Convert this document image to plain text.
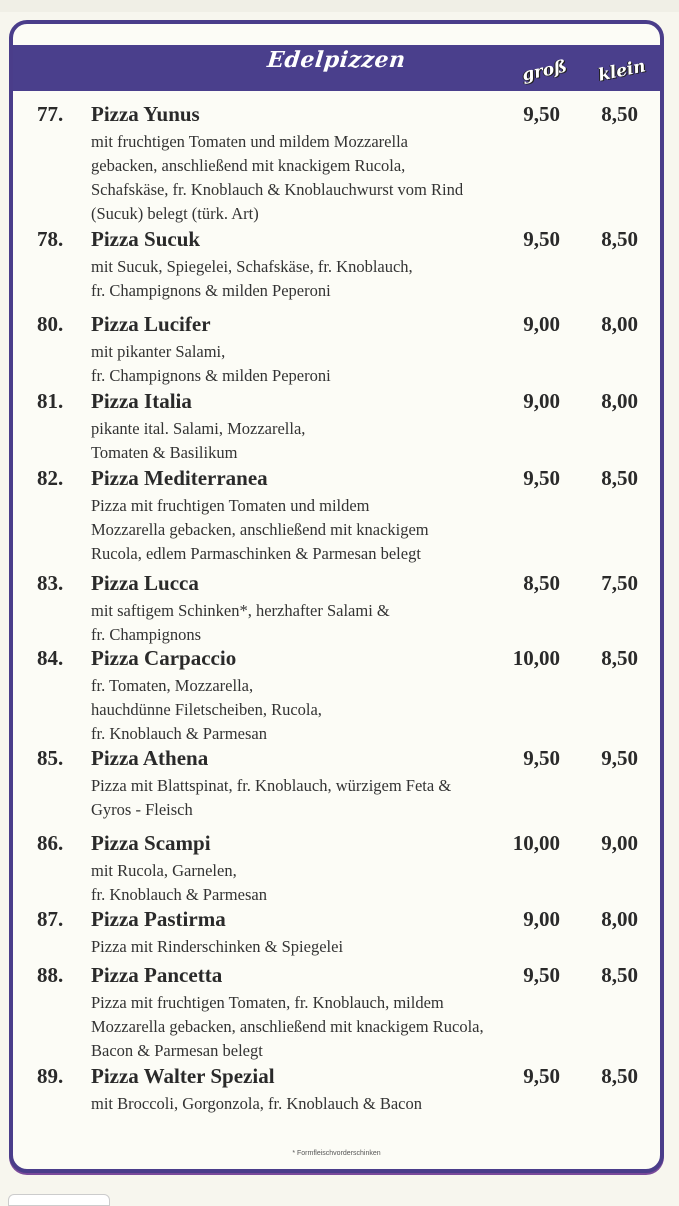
Edelpizzen	groß klein
77. Pizza Yunus	9,50 8,50
mit fruchtigen Tomaten und mildem Mozzarella
gebacken, anschließend mit knackigem Rucola,
Schafskäse, fr. Knoblauch & Knoblauchwurst vom Rind
(Sucuk) belegt (türk. Art)
78. Pizza Sucuk	9,50 8,50
mit Sucuk, Spiegelei, Schafskäse, fr. Knoblauch,
fr. Champignons & milden Peperoni
80. Pizza Lucifer	9,00 8,00
mit pikanter Salami,
fr. Champignons & milden Peperoni
81. Pizza Italia	9,00 8,00
pikante ital. Salami, Mozzarella,
Tomaten & Basilikum
82. Pizza Mediterranea	9,50 8,50
Pizza mit fruchtigen Tomaten und mildem
Mozzarella gebacken, anschließend mit knackigem
Rucola, edlem Parmaschinken & Parmesan belegt
83. Pizza Lucca	8,50 7,50
mit saftigem Schinken*, herzhafter Salami &
fr. Champignons
84. Pizza Carpaccio	10,00 8,50
fr. Tomaten, Mozzarella,
hauchdünne Filetscheiben, Rucola,
fr. Knoblauch & Parmesan
85. Pizza Athena	9,50 9,50
Pizza mit Blattspinat, fr. Knoblauch, würzigem Feta &
Gyros - Fleisch
86. Pizza Scampi	10,00 9,00
mit Rucola, Garnelen,
fr. Knoblauch & Parmesan
87. Pizza Pastirma	9,00 8,00
Pizza mit Rinderschinken & Spiegelei
88. Pizza Pancetta	9,50 8,50
Pizza mit fruchtigen Tomaten, fr. Knoblauch, mildem
Mozzarella gebacken, anschließend mit knackigem Rucola,
Bacon & Parmesan belegt
89. Pizza Walter Spezial	9,50 8,50
mit Broccoli, Gorgonzola, fr. Knoblauch & Bacon
* Formfleischvorderschinken
